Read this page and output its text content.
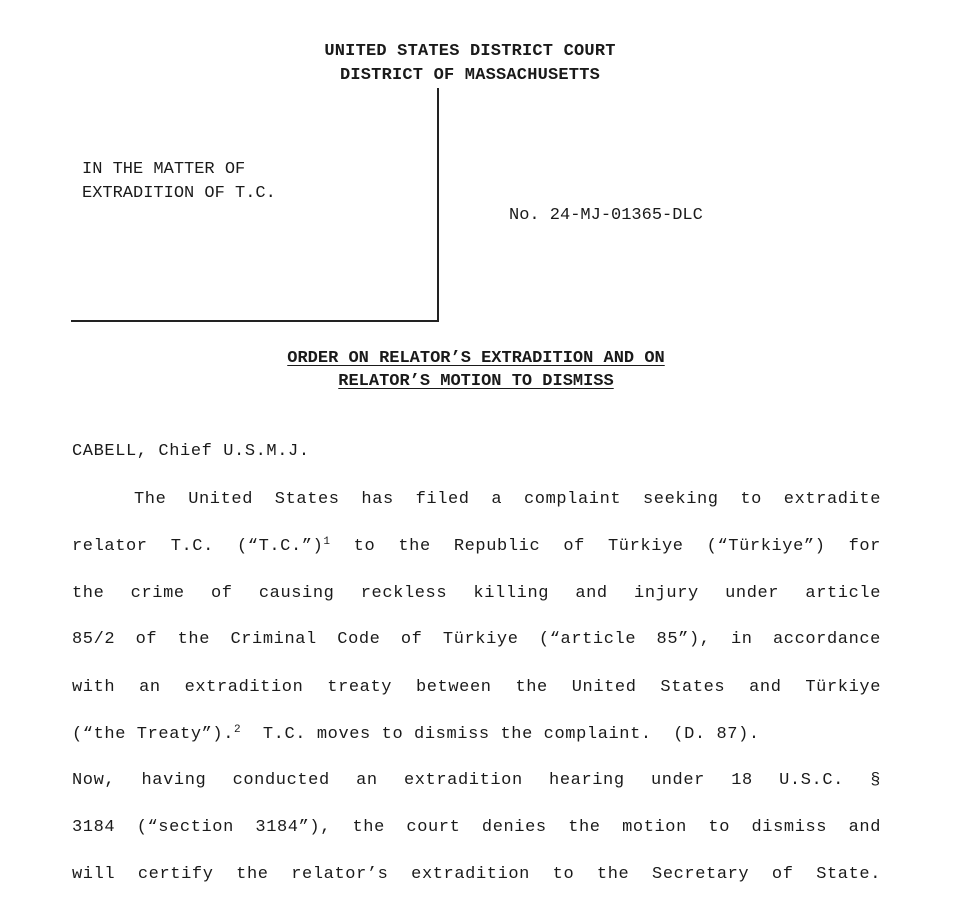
UNITED STATES DISTRICT COURT
DISTRICT OF MASSACHUSETTS
IN THE MATTER OF
EXTRADITION OF T.C.
No. 24-MJ-01365-DLC
ORDER ON RELATOR’S EXTRADITION AND ON
RELATOR’S MOTION TO DISMISS
CABELL, Chief U.S.M.J.
The United States has filed a complaint seeking to extradite
relator T.C. (“T.C.”)$^1$ to the Republic of Türkiye (“Türkiye”) for
the crime of causing reckless killing and injury under article
85/2 of the Criminal Code of Türkiye (“article 85”), in accordance
with an extradition treaty between the United States and Türkiye
(“the Treaty”).$^2$  T.C. moves to dismiss the complaint.  (D. 87).
Now, having conducted an extradition hearing under 18 U.S.C. §
3184 (“section 3184”), the court denies the motion to dismiss and
will certify the relator’s extradition to the Secretary of State.
